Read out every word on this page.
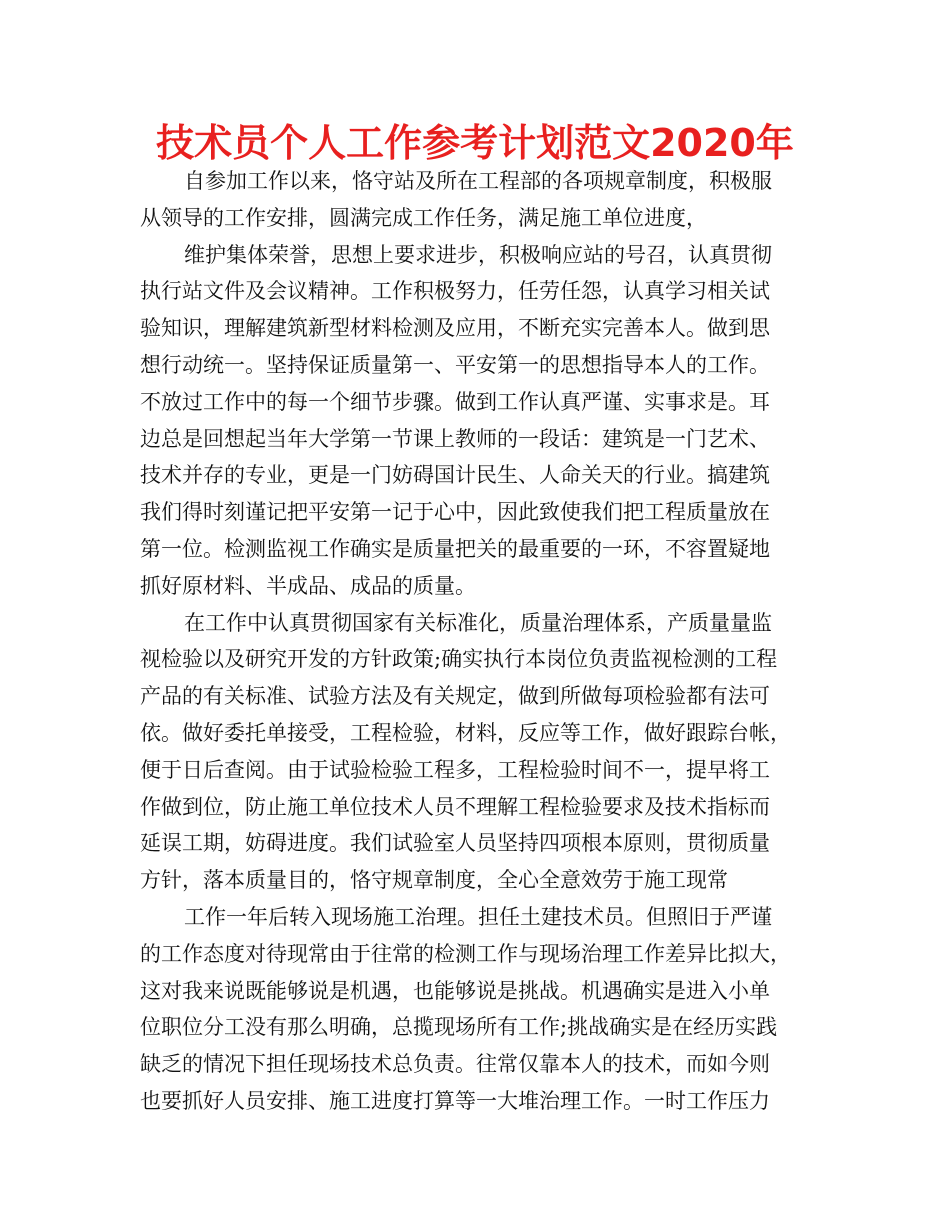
技术员个人工作参考计划范文2020年
自参加工作以来，恪守站及所在工程部的各项规章制度，积极服
从领导的工作安排，圆满完成工作任务，满足施工单位进度，
维护集体荣誉，思想上要求进步，积极响应站的号召，认真贯彻
执行站文件及会议精神。工作积极努力，任劳任怨，认真学习相关试
验知识，理解建筑新型材料检测及应用，不断充实完善本人。做到思
想行动统一。坚持保证质量第一、平安第一的思想指导本人的工作。
不放过工作中的每一个细节步骤。做到工作认真严谨、实事求是。耳
边总是回想起当年大学第一节课上教师的一段话：建筑是一门艺术、
技术并存的专业，更是一门妨碍国计民生、人命关天的行业。搞建筑
我们得时刻谨记把平安第一记于心中，因此致使我们把工程质量放在
第一位。检测监视工作确实是质量把关的最重要的一环，不容置疑地
抓好原材料、半成品、成品的质量。
在工作中认真贯彻国家有关标准化，质量治理体系，产质量量监
视检验以及研究开发的方针政策;确实执行本岗位负责监视检测的工程
产品的有关标准、试验方法及有关规定，做到所做每项检验都有法可
依。做好委托单接受，工程检验，材料，反应等工作，做好跟踪台帐，
便于日后查阅。由于试验检验工程多，工程检验时间不一，提早将工
作做到位，防止施工单位技术人员不理解工程检验要求及技术指标而
延误工期，妨碍进度。我们试验室人员坚持四项根本原则，贯彻质量
方针，落本质量目的，恪守规章制度，全心全意效劳于施工现常
工作一年后转入现场施工治理。担任土建技术员。但照旧于严谨
的工作态度对待现常由于往常的检测工作与现场治理工作差异比拟大，
这对我来说既能够说是机遇，也能够说是挑战。机遇确实是进入小单
位职位分工没有那么明确，总揽现场所有工作;挑战确实是在经历实践
缺乏的情况下担任现场技术总负责。往常仅靠本人的技术，而如今则
也要抓好人员安排、施工进度打算等一大堆治理工作。一时工作压力
